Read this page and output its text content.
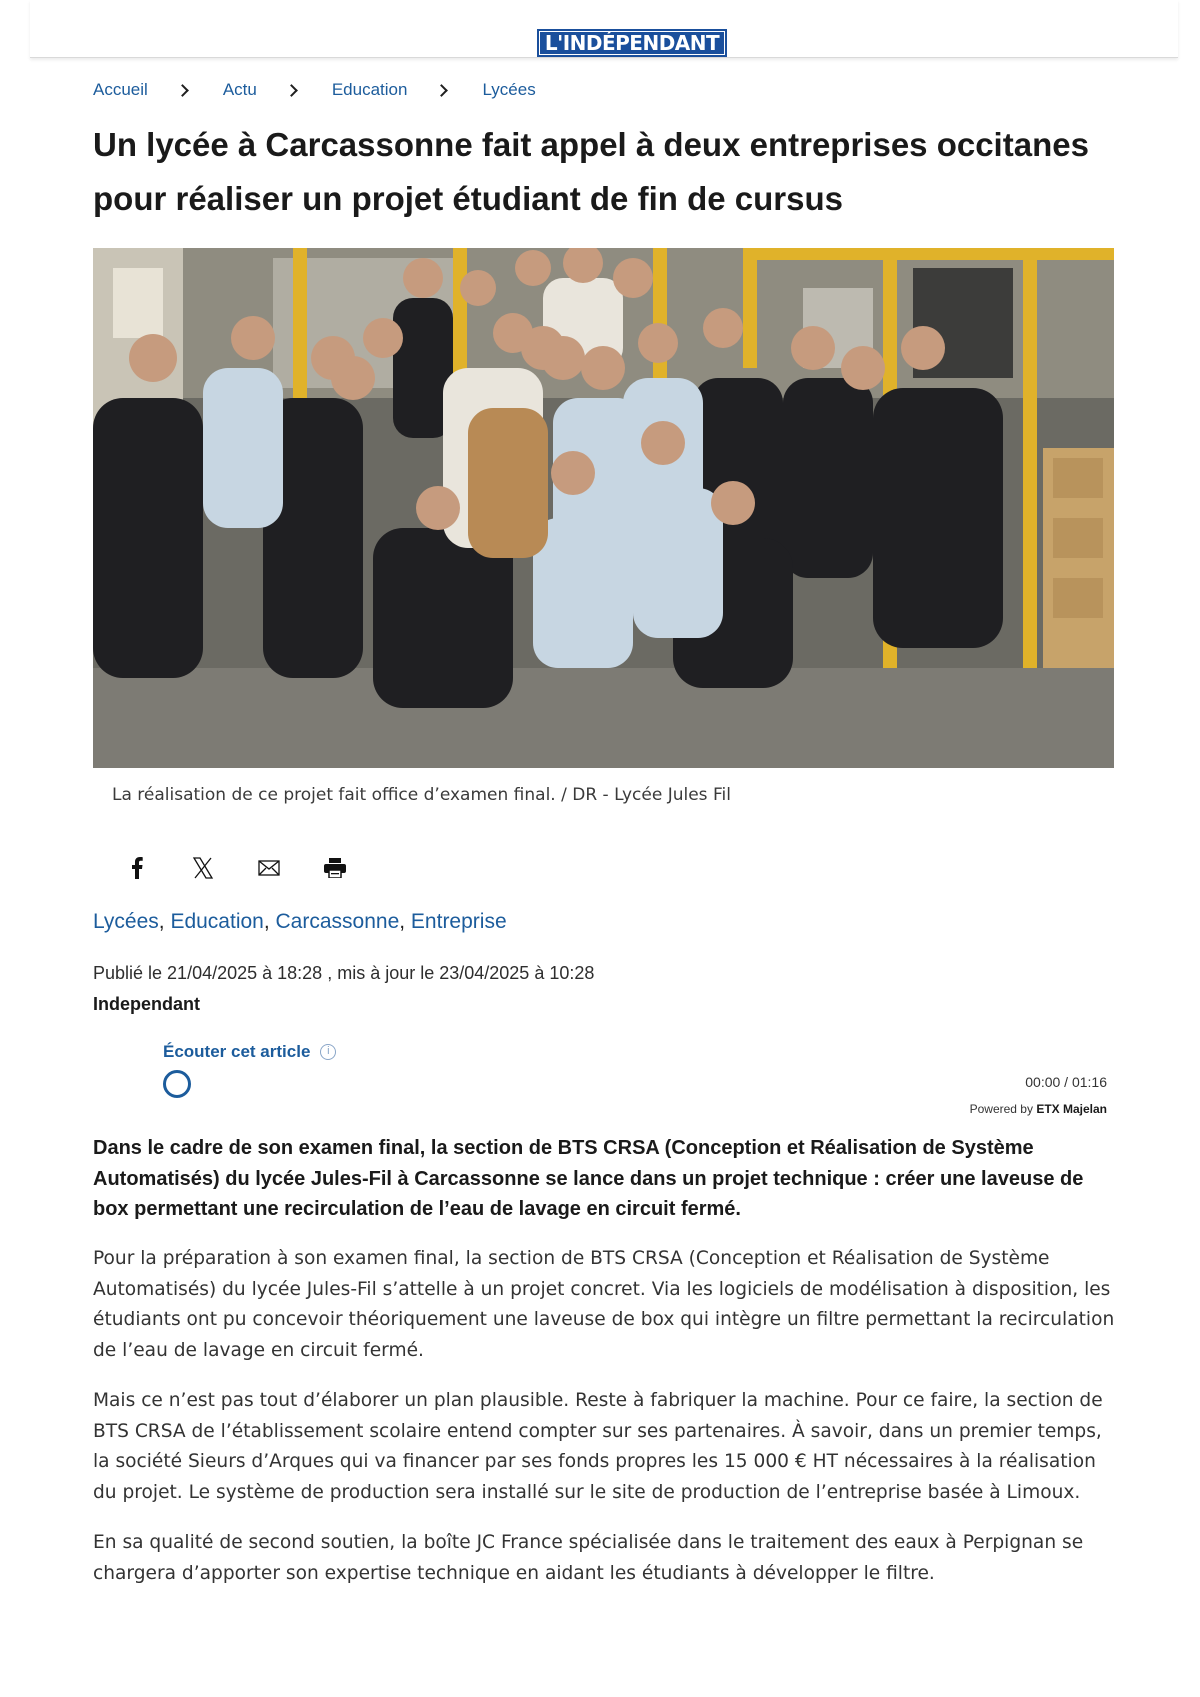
L'INDÉPENDANT
Accueil	Actu	Education	Lycées
Un lycée à Carcassonne fait appel à deux entreprises occitanes pour réaliser un projet étudiant de fin de cursus

La réalisation de ce projet fait office d’examen final. / DR - Lycée Jules Fil

Lycées, Education, Carcassonne, Entreprise

Publié le 21/04/2025 à 18:28 , mis à jour le 23/04/2025 à 10:28

Independant

Écouter cet article	i
00:00 / 01:16
Powered by ETX Majelan

Dans le cadre de son examen final, la section de BTS CRSA (Conception et Réalisation de Système Automatisés) du lycée Jules-Fil à Carcassonne se lance dans un projet technique : créer une laveuse de box permettant une recirculation de l’eau de lavage en circuit fermé.

Pour la préparation à son examen final, la section de BTS CRSA (Conception et Réalisation de Système Automatisés) du lycée Jules-Fil s’attelle à un projet concret. Via les logiciels de modélisation à disposition, les étudiants ont pu concevoir théoriquement une laveuse de box qui intègre un filtre permettant la recirculation de l’eau de lavage en circuit fermé.

Mais ce n’est pas tout d’élaborer un plan plausible. Reste à fabriquer la machine. Pour ce faire, la section de BTS CRSA de l’établissement scolaire entend compter sur ses partenaires. À savoir, dans un premier temps, la société Sieurs d’Arques qui va financer par ses fonds propres les 15 000 € HT nécessaires à la réalisation du projet. Le système de production sera installé sur le site de production de l’entreprise basée à Limoux.

En sa qualité de second soutien, la boîte JC France spécialisée dans le traitement des eaux à Perpignan se chargera d’apporter son expertise technique en aidant les étudiants à développer le filtre.
